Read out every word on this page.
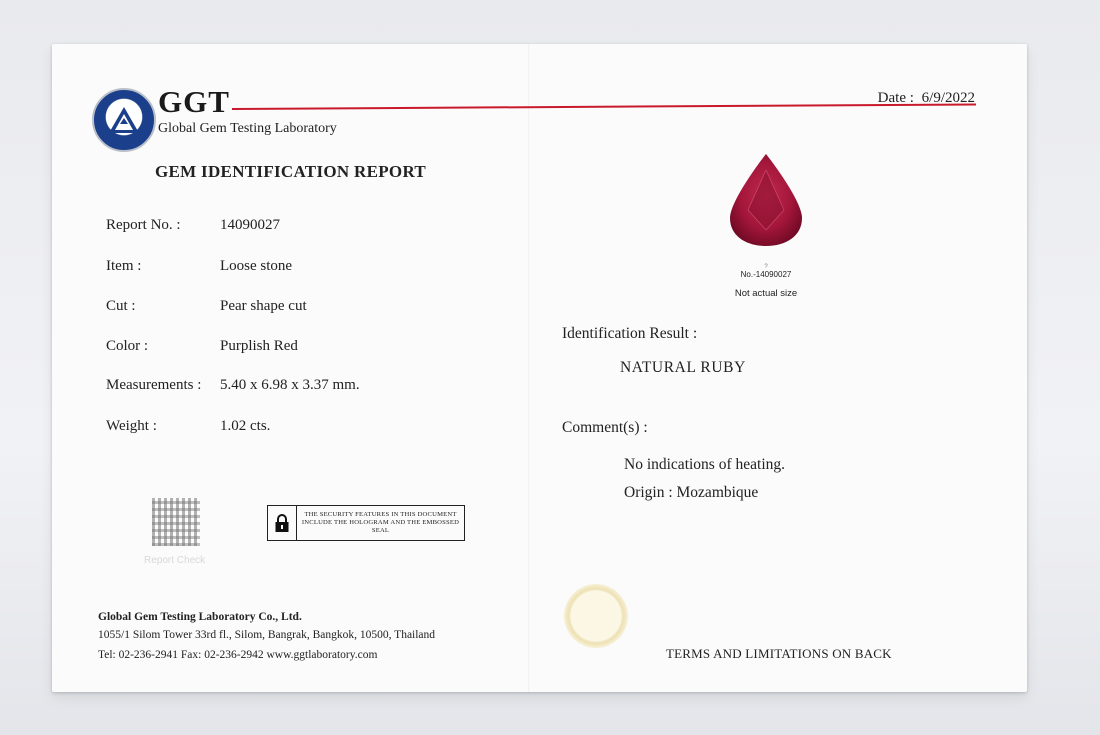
GGT
Global Gem Testing Laboratory
Date : 6/9/2022
GEM IDENTIFICATION REPORT
Report No. :	14090027
Item :	Loose stone
Cut :	Pear shape cut
Color :	Purplish Red
Measurements : 5.40 x 6.98 x 3.37 mm.
Weight :	1.02 cts.
Report Check
THE SECURITY FEATURES IN THIS DOCUMENT INCLUDE THE HOLOGRAM AND THE EMBOSSED SEAL
Global Gem Testing Laboratory Co., Ltd.
1055/1 Silom Tower 33rd fl., Silom, Bangrak, Bangkok, 10500, Thailand
Tel: 02-236-2941 Fax: 02-236-2942 www.ggtlaboratory.com
?
No.-14090027
Not actual size
Identification Result :
NATURAL RUBY
Comment(s) :
No indications of heating.
Origin : Mozambique
TERMS AND LIMITATIONS ON BACK
